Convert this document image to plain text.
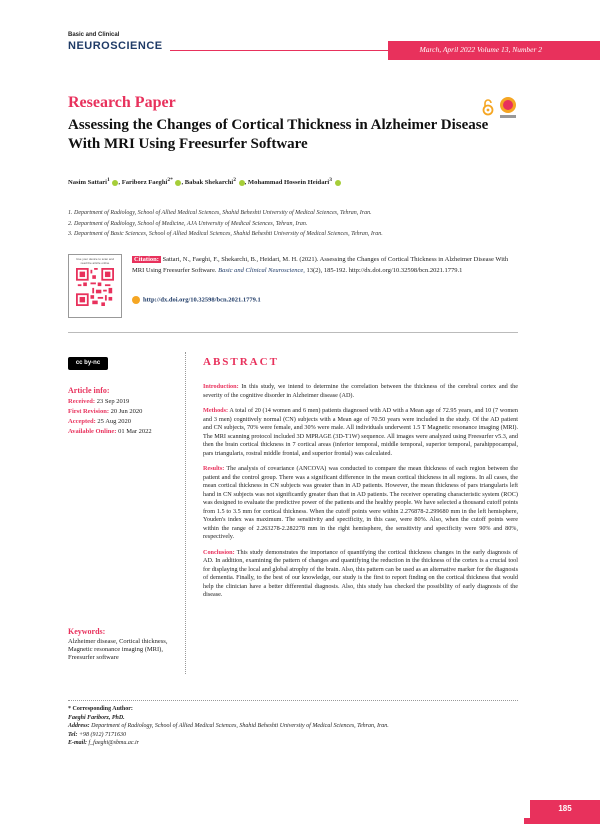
Basic and Clinical
NEUROSCIENCE	March, April 2022 Volume 13, Number 2
Research Paper
Assessing the Changes of Cortical Thickness in Alzheimer Disease With MRI Using Freesurfer Software
Nasim Sattari$^1$ , Fariborz Faeghi$^{2*}$ , Babak Shekarchi$^2$ , Mohammad Hossein Heidari$^3$
1. Department of Radiology, School of Allied Medical Sciences, Shahid Beheshti University of Medical Sciences, Tehran, Iran.
2. Department of Radiology, School of Medicine, AJA University of Medical Sciences, Tehran, Iran.
3. Department of Basic Sciences, School of Allied Medical Sciences, Shahid Beheshti University of Medical Sciences, Tehran, Iran.
Use your device to scan and read the article online	Citation: Sattari, N., Faeghi, F., Shekarchi, B., Heidari, M. H. (2021). Assessing the Changes of Cortical Thickness in Alzheimer Disease With MRI Using Freesurfer Software. Basic and Clinical Neuroscience, 13(2), 185-192. http://dx.doi.org/10.32598/bcn.2021.1779.1
http://dx.doi.org/10.32598/bcn.2021.1779.1
cc by-nc
Article info:
Received: 23 Sep 2019
First Revision: 20 Jun 2020
Accepted: 25 Aug 2020
Available Online: 01 Mar 2022
Keywords:
Alzheimer disease, Cortical thickness, Magnetic resonance imaging (MRI), Freesurfer software
ABSTRACT

Introduction: In this study, we intend to determine the correlation between the thickness of the cerebral cortex and the severity of the cognitive disorder in Alzheimer disease (AD).

Methods: A total of 20 (14 women and 6 men) patients diagnosed with AD with a Mean age of 72.95 years, and 10 (7 women and 3 men) cognitively normal (CN) subjects with a Mean age of 70.50 years were included in the study. Of the AD patient and CN subjects, 70% were female, and 30% were male. All individuals underwent 1.5 T Magnetic resonance imaging (MRI). The MRI scanning protocol included 3D MPRAGE (3D-T1W) sequence. All images were analyzed using Freesurfer v5.3, and then the brain cortical thickness in 7 cortical areas (inferior temporal, middle temporal, superior temporal, parahippocampal, pars triangularis, rostral middle frontal, and superior frontal) was calculated.

Results: The analysis of covariance (ANCOVA) was conducted to compare the mean thickness of each region between the patient and the control group. There was a significant difference in the mean cortical thickness in all regions. In all cases, the mean cortical thickness in CN subjects was greater than in AD patients. However, the mean thickness of pars triangularis left hand in CN subjects was not significantly greater than that in AD patients. The receiver operating characteristic system (ROC) was designed to evaluate the predictive power of the patients and the healthy people. We have selected a thousand cutoff points from 1.5 to 3.5 mm for cortical thickness. When the cutoff points were within 2.276878-2.299680 mm in the left hemisphere, Youden's index was maximum. The sensitivity and specificity, in this case, were 80%. Also, when the cutoff points were within the range of 2.263278-2.282278 mm in the right hemisphere, the sensitivity and specificity were 90% and 80%, respectively.

Conclusion: This study demonstrates the importance of quantifying the cortical thickness changes in the early diagnosis of AD. In addition, examining the pattern of changes and quantifying the reduction in the thickness of the cortex is a crucial tool for displaying the local and global atrophy of the brain. Also, this pattern can be used as an alternative marker for the diagnosis of dementia. Finally, to the best of our knowledge, our study is the first to report finding on the cortical thickness that would help the clinician have a better differential diagnosis. Also, this study has checked the possibility of early diagnosis of the disease.

* Corresponding Author:
Faeghi Fariborz, PhD.
Address: Department of Radiology, School of Allied Medical Sciences, Shahid Beheshti University of Medical Sciences, Tehran, Iran.
Tel: +98 (912) 7171630
E-mail: f_faeghi@sbmu.ac.ir
185
